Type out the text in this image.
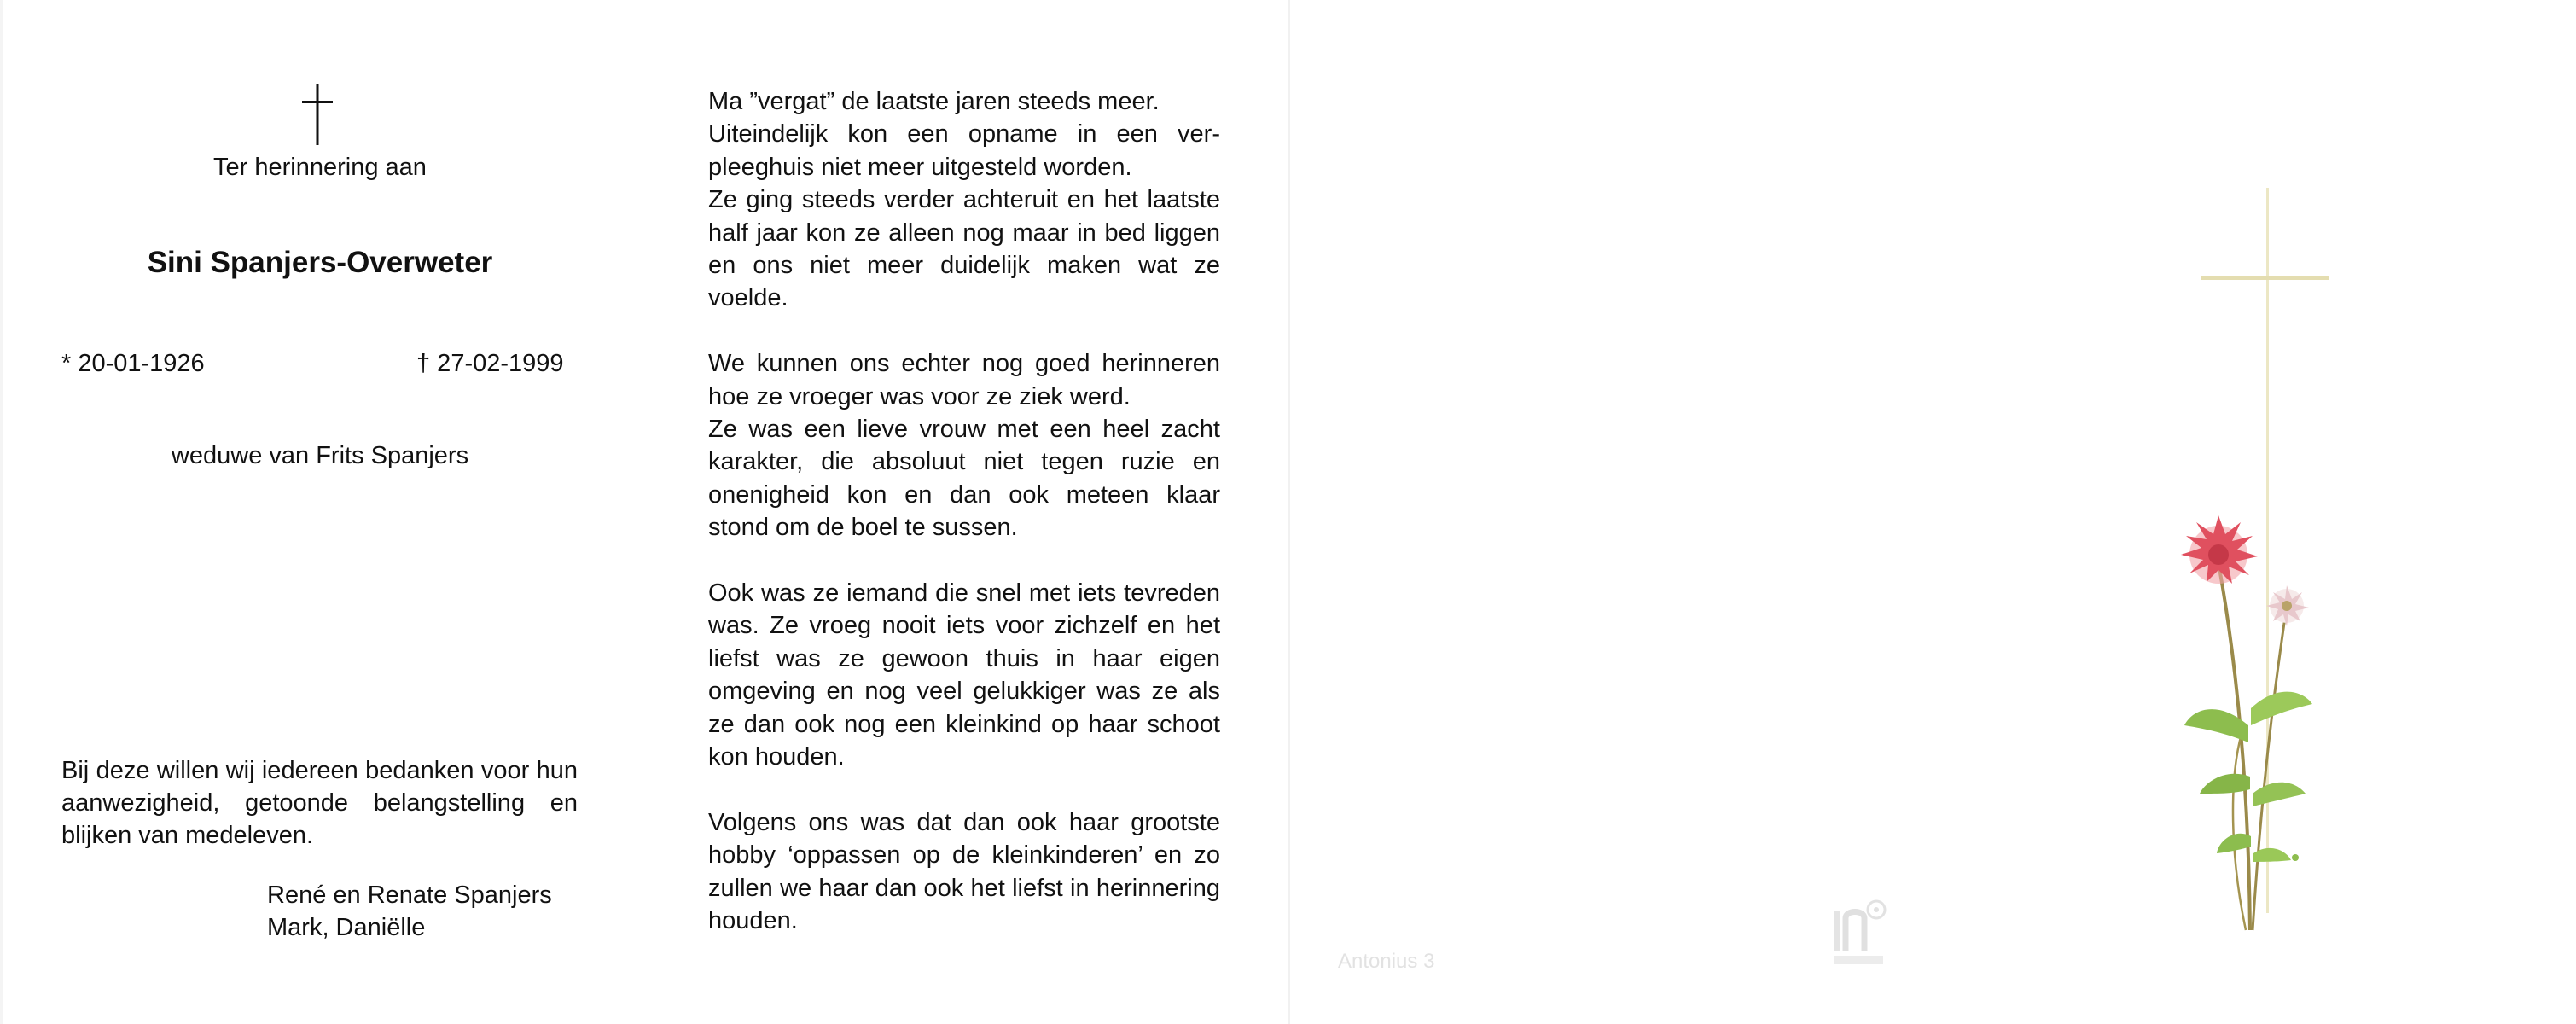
Ter herinnering aan
Sini Spanjers-Overweter
* 20-01-1926	† 27-02-1999
weduwe van Frits Spanjers
Bij deze willen wij iedereen bedanken voor hun aanwezigheid, getoonde belangstelling en blijken van medeleven.
René en Renate Spanjers
Mark, Daniëlle

Ma ”vergat” de laatste jaren steeds meer.
Uiteindelijk kon een opname in een verpleeghuis niet meer uitgesteld worden.
Ze ging steeds verder achteruit en het laatste half jaar kon ze alleen nog maar in bed liggen en ons niet meer duidelijk maken wat ze voelde.

We kunnen ons echter nog goed herinneren hoe ze vroeger was voor ze ziek werd.
Ze was een lieve vrouw met een heel zacht karakter, die absoluut niet tegen ruzie en onenigheid kon en dan ook meteen klaar stond om de boel te sussen.

Ook was ze iemand die snel met iets tevreden was. Ze vroeg nooit iets voor zichzelf en het liefst was ze gewoon thuis in haar eigen omgeving en nog veel gelukkiger was ze als ze dan ook nog een kleinkind op haar schoot kon houden.

Volgens ons was dat dan ook haar grootste hobby ‘oppassen op de kleinkinderen’ en zo zullen we haar dan ook het liefst in herinnering houden.

Antonius 3
